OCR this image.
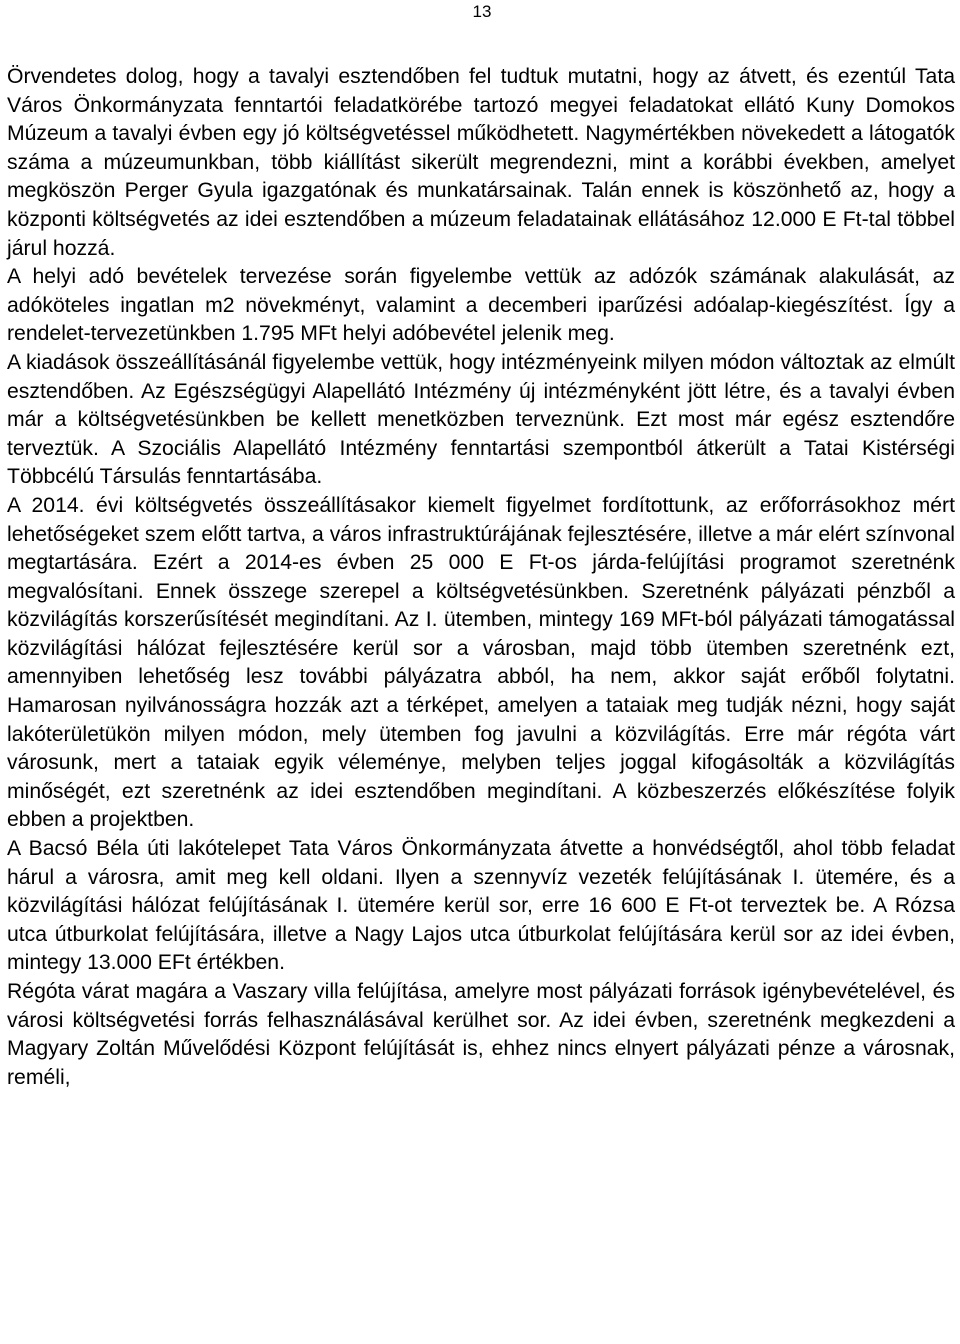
13

Örvendetes dolog, hogy a tavalyi esztendőben fel tudtuk mutatni, hogy az átvett, és ezentúl Tata Város Önkormányzata fenntartói feladatkörébe tartozó megyei feladatokat ellátó Kuny Domokos Múzeum a tavalyi évben egy jó költségvetéssel működhetett. Nagymértékben növekedett a látogatók száma a múzeumunkban, több kiállítást sikerült megrendezni, mint a korábbi években, amelyet megköszön Perger Gyula igazgatónak és munkatársainak. Talán ennek is köszönhető az, hogy a központi költségvetés az idei esztendőben a múzeum feladatainak ellátásához 12.000 E Ft-tal többel járul hozzá.

A helyi adó bevételek tervezése során figyelembe vettük az adózók számának alakulását, az adóköteles ingatlan m2 növekményt, valamint a decemberi iparűzési adóalap-kiegészítést. Így a rendelet-tervezetünkben 1.795 MFt helyi adóbevétel jelenik meg.

A kiadások összeállításánál figyelembe vettük, hogy intézményeink milyen módon változtak az elmúlt esztendőben. Az Egészségügyi Alapellátó Intézmény új intézményként jött létre, és a tavalyi évben már a költségvetésünkben be kellett menetközben terveznünk. Ezt most már egész esztendőre terveztük. A Szociális Alapellátó Intézmény fenntartási szempontból átkerült a Tatai Kistérségi Többcélú Társulás fenntartásába.

A 2014. évi költségvetés összeállításakor kiemelt figyelmet fordítottunk, az erőforrásokhoz mért lehetőségeket szem előtt tartva, a város infrastruktúrájának fejlesztésére, illetve a már elért színvonal megtartására. Ezért a 2014-es évben 25 000 E Ft-os járda-felújítási programot szeretnénk megvalósítani. Ennek összege szerepel a költségvetésünkben. Szeretnénk pályázati pénzből a közvilágítás korszerűsítését megindítani. Az I. ütemben, mintegy 169 MFt-ból pályázati támogatással közvilágítási hálózat fejlesztésére kerül sor a városban, majd több ütemben szeretnénk ezt, amennyiben lehetőség lesz további pályázatra abból, ha nem, akkor saját erőből folytatni. Hamarosan nyilvánosságra hozzák azt a térképet, amelyen a tataiak meg tudják nézni, hogy saját lakóterületükön milyen módon, mely ütemben fog javulni a közvilágítás. Erre már régóta várt városunk, mert a tataiak egyik véleménye, melyben teljes joggal kifogásolták a közvilágítás minőségét, ezt szeretnénk az idei esztendőben megindítani. A közbeszerzés előkészítése folyik ebben a projektben.

A Bacsó Béla úti lakótelepet Tata Város Önkormányzata átvette a honvédségtől, ahol több feladat hárul a városra, amit meg kell oldani. Ilyen a szennyvíz vezeték felújításának I. ütemére, és a közvilágítási hálózat felújításának I. ütemére kerül sor, erre 16 600 E Ft-ot terveztek be. A Rózsa utca útburkolat felújítására, illetve a Nagy Lajos utca útburkolat felújítására kerül sor az idei évben, mintegy 13.000 EFt értékben.

Régóta várat magára a Vaszary villa felújítása, amelyre most pályázati források igénybevételével, és városi költségvetési forrás felhasználásával kerülhet sor. Az idei évben, szeretnénk megkezdeni a Magyary Zoltán Művelődési Központ felújítását is, ehhez nincs elnyert pályázati pénze a városnak, reméli,
